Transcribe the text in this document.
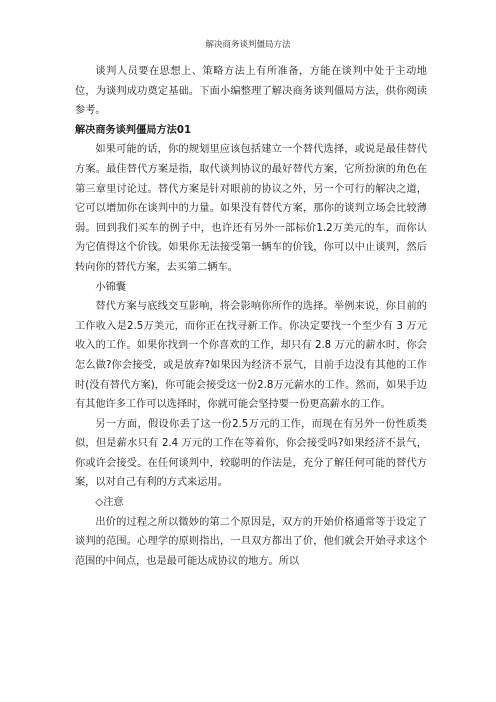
解决商务谈判僵局方法

谈判人员要在思想上、策略方法上有所准备，方能在谈判中处于主动地位，为谈判成功奠定基础。下面小编整理了解决商务谈判僵局方法，供你阅读参考。

解决商务谈判僵局方法01

如果可能的话，你的规划里应该包括建立一个替代选择，或说是最佳替代方案。最佳替代方案是指，取代谈判协议的最好替代方案，它所扮演的角色在第三章里讨论过。替代方案是针对眼前的协议之外，另一个可行的解决之道，它可以增加你在谈判中的力量。如果没有替代方案，那你的谈判立场会比较薄弱。回到我们买车的例子中，也许还有另外一部标价1.2万美元的车，而你认为它值得这个价钱。如果你无法接受第一辆车的价钱，你可以中止谈判，然后转向你的替代方案，去买第二辆车。

小锦囊

替代方案与底线交互影响，将会影响你所作的选择。举例来说，你目前的工作收入是2.5万美元，而你正在找寻新工作。你决定要找一个至少有 3 万元收入的工作。如果你找到一个你喜欢的工作，却只有 2.8 万元的薪水时，你会怎么做?你会接受，或是放弃?如果因为经济不景气，目前手边没有其他的工作时(没有替代方案)，你可能会接受这一份2.8万元薪水的工作。然而，如果手边有其他许多工作可以选择时，你就可能会坚持要一份更高薪水的工作。

另一方面，假设你丢了这一份2.5万元的工作，而现在有另外一份性质类似，但是薪水只有 2.4 万元的工作在等着你，你会接受吗?如果经济不景气，你或许会接受。在任何谈判中，较聪明的作法是，充分了解任何可能的替代方案，以对自己有利的方式来运用。

◇注意

出价的过程之所以微妙的第二个原因是，双方的开始价格通常等于设定了谈判的范围。心理学的原则指出，一旦双方都出了价，他们就会开始寻求这个范围的中间点，也是最可能达成协议的地方。所以
